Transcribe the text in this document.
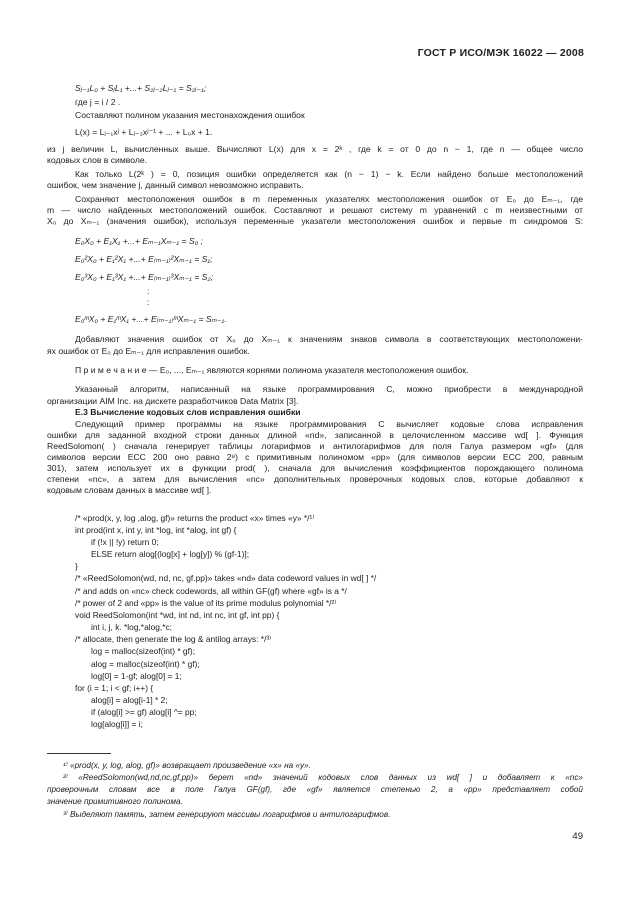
ГОСТ Р ИСО/МЭК 16022 — 2008
Sⱼ₋₁L₀ + SⱼL₁ +...+ S₂ⱼ₋₂Lⱼ₋₁ = S₂ⱼ₋₁;
где j = i / 2 .
Составляют полином указания местонахождения ошибок
L(x) = Lⱼ₋₁xʲ + Lⱼ₋₂xʲ⁻¹ + ... + L₀x + 1.
из j величин L, вычисленных выше. Вычисляют L(x) для x = 2ᵏ , где k = от 0 до n − 1, где n — общее число
кодовых слов в символе.
Как только L(2ᵏ ) = 0, позиция ошибки определяется как (n − 1) − k. Если найдено больше местоположений
ошибок, чем значение j, данный символ невозможно исправить.
Сохраняют местоположения ошибок в m переменных указателях местоположения ошибок от E₀ до Eₘ₋₁, где
m — число найденных местоположений ошибок. Составляют и решают систему m уравнений с m неизвестными от
X₀ до Xₘ₋₁ (значения ошибок), используя переменные указатели местоположения ошибок и первые m синдромов S:
E₀X₀ + E₁X₁ +...+ Eₘ₋₁Xₘ₋₁ = S₀ ;
E₀²X₀ + E₁²X₁ +...+ E₍ₘ₋₁₎²Xₘ₋₁ = S₁;
E₀³X₀ + E₁³X₁ +...+ E₍ₘ₋₁₎³Xₘ₋₁ = S₂;
:
:
E₀ᵐX₀ + E₁ᵐX₁ +...+ E₍ₘ₋₁₎ᵐXₘ₋₁ = Sₘ₋₁.
Добавляют значения ошибок от X₀ до Xₘ₋₁ к значениям знаков символа в соответствующих местоположени-
ях ошибок от E₀ до Eₘ₋₁ для исправления ошибок.
П р и м е ч а н и е — E₀, ..., Eₘ₋₁ являются корнями полинома указателя местоположения ошибок.
Указанный алгоритм, написанный на языке программирования С, можно приобрести в международной
организации AIM Inc. на дискете разработчиков Data Matrix [3].
Е.3 Вычисление кодовых слов исправления ошибки
Следующий пример программы на языке программирования С вычисляет кодовые слова исправления
ошибки для заданной входной строки данных длиной «nd», записанной в целочисленном массиве wd[ ]. Функция
ReedSolomon( ) сначала генерирует таблицы логарифмов и антилогарифмов для поля Галуа размером «gf» (для
символов версии ЕСС 200 оно равно 2⁸) с примитивным полиномом «рр» (для символов версии ЕСС 200, равным
301), затем использует их в функции prod( ), сначала для вычисления коэффициентов порождающего полинома
степени «nc», а затем для вычисления «nc» дополнительных проверочных кодовых слов, которые добавляют к
кодовым словам данных в массиве wd[ ].
/* «prod(x, y, log ,alog, gf)» returns the product «x» times «y» */¹⁾
int prod(int x, int y, int *log, int *alog, int gf) {
if (!x || !y) return 0;
ELSE return alog[(log[x] + log[y]) % (gf-1)];
}
/* «ReedSolomon(wd, nd, nc, gf.pp)» takes «nd» data codeword values in wd[ ] */
/* and adds on «nc» check codewords, all within GF(gf) where «gf» is a */
/* power of 2 and «pp» is the value of its prime modulus polynomial */²⁾
void ReedSolomon(int *wd, int nd, int nc, int gf, int pp) {
int i, j, k. *log,*alog,*c;
/* allocate, then generate the log & antilog arrays: */³⁾
log = malloc(sizeof(int) * gf);
alog = malloc(sizeof(int) * gf);
log[0] = 1-gf; alog[0] = 1;
for (i = 1; i < gf; i++) {
alog[i] = alog[i-1] * 2;
if (alog[i] >= gf) alog[i] ^= pp;
log[alog[i]] = i;
¹⁾ «prod(x, y, log, alog, gf)» возвращает произведение «x» на «y».
²⁾ «ReedSolomon(wd,nd,nc,gf,pp)» берет «nd» значений кодовых слов данных из wd[ ] и добавляет к «nc»
проверочным словам все в поле Галуа GF(gf), где «gf» является степенью 2, а «рр» представляет собой
значение примитивного полинома.
³⁾ Выделяют память, затем генерируют массивы логарифмов и антилогарифмов.
49
